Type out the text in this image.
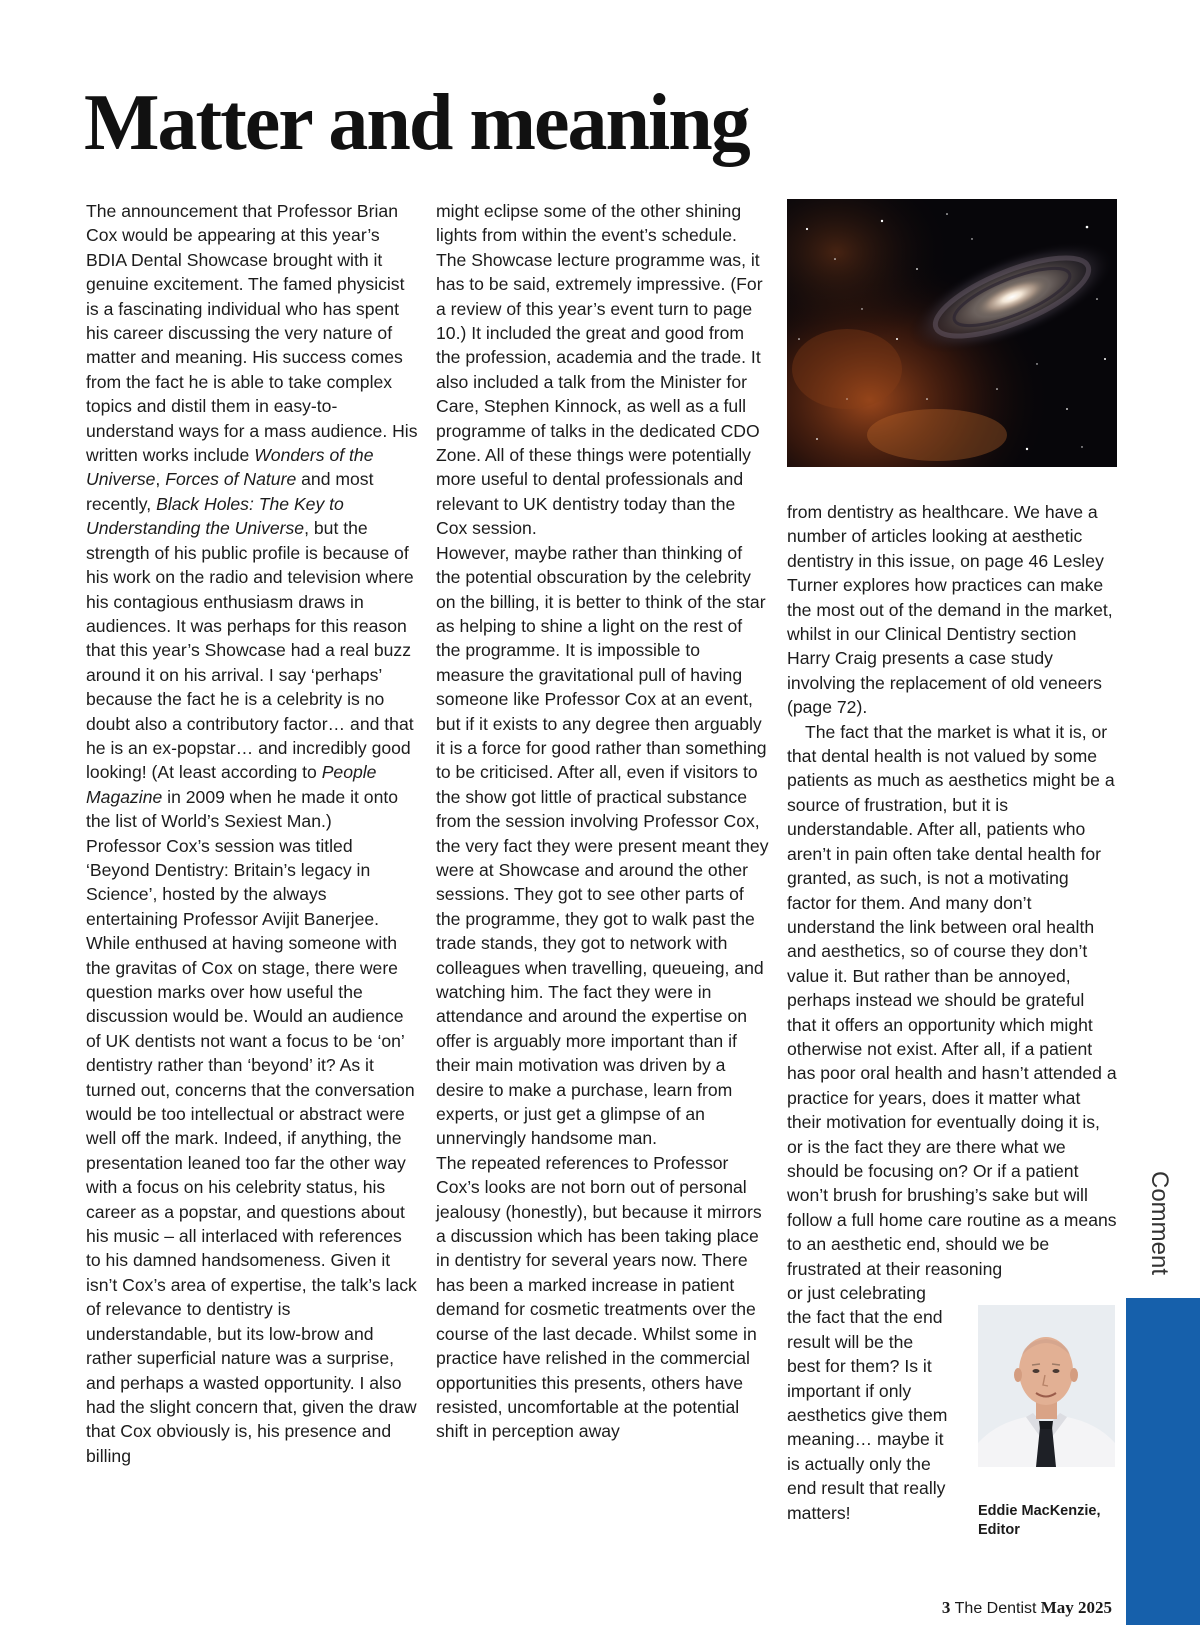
Matter and meaning

The announcement that Professor Brian Cox would be appearing at this year’s BDIA Dental Showcase brought with it genuine excitement. The famed physicist is a fascinating individual who has spent his career discussing the very nature of matter and meaning. His success comes from the fact he is able to take complex topics and distil them in easy-to-understand ways for a mass audience. His written works include Wonders of the Universe, Forces of Nature and most recently, Black Holes: The Key to Understanding the Universe, but the strength of his public profile is because of his work on the radio and television where his contagious enthusiasm draws in audiences. It was perhaps for this reason that this year’s Showcase had a real buzz around it on his arrival. I say ‘perhaps’ because the fact he is a celebrity is no doubt also a contributory factor… and that he is an ex-popstar… and incredibly good looking! (At least according to People Magazine in 2009 when he made it onto the list of World’s Sexiest Man.)

Professor Cox’s session was titled ‘Beyond Dentistry: Britain’s legacy in Science’, hosted by the always entertaining Professor Avijit Banerjee. While enthused at having someone with the gravitas of Cox on stage, there were question marks over how useful the discussion would be. Would an audience of UK dentists not want a focus to be ‘on’ dentistry rather than ‘beyond’ it? As it turned out, concerns that the conversation would be too intellectual or abstract were well off the mark. Indeed, if anything, the presentation leaned too far the other way with a focus on his celebrity status, his career as a popstar, and questions about his music – all interlaced with references to his damned handsomeness. Given it isn’t Cox’s area of expertise, the talk’s lack of relevance to dentistry is understandable, but its low-brow and rather superficial nature was a surprise, and perhaps a wasted opportunity. I also had the slight concern that, given the draw that Cox obviously is, his presence and billing

might eclipse some of the other shining lights from within the event’s schedule. The Showcase lecture programme was, it has to be said, extremely impressive. (For a review of this year’s event turn to page 10.) It included the great and good from the profession, academia and the trade. It also included a talk from the Minister for Care, Stephen Kinnock, as well as a full programme of talks in the dedicated CDO Zone. All of these things were potentially more useful to dental professionals and relevant to UK dentistry today than the Cox session.

However, maybe rather than thinking of the potential obscuration by the celebrity on the billing, it is better to think of the star as helping to shine a light on the rest of the programme. It is impossible to measure the gravitational pull of having someone like Professor Cox at an event, but if it exists to any degree then arguably it is a force for good rather than something to be criticised. After all, even if visitors to the show got little of practical substance from the session involving Professor Cox, the very fact they were present meant they were at Showcase and around the other sessions. They got to see other parts of the programme, they got to walk past the trade stands, they got to network with colleagues when travelling, queueing, and watching him. The fact they were in attendance and around the expertise on offer is arguably more important than if their main motivation was driven by a desire to make a purchase, learn from experts, or just get a glimpse of an unnervingly handsome man.

The repeated references to Professor Cox’s looks are not born out of personal jealousy (honestly), but because it mirrors a discussion which has been taking place in dentistry for several years now. There has been a marked increase in patient demand for cosmetic treatments over the course of the last decade. Whilst some in practice have relished in the commercial opportunities this presents, others have resisted, uncomfortable at the potential shift in perception away

from dentistry as healthcare. We have a number of articles looking at aesthetic dentistry in this issue, on page 46 Lesley Turner explores how practices can make the most out of the demand in the market, whilst in our Clinical Dentistry section Harry Craig presents a case study involving the replacement of old veneers (page 72).

The fact that the market is what it is, or that dental health is not valued by some patients as much as aesthetics might be a source of frustration, but it is understandable. After all, patients who aren’t in pain often take dental health for granted, as such, is not a motivating factor for them. And many don’t understand the link between oral health and aesthetics, so of course they don’t value it. But rather than be annoyed, perhaps instead we should be grateful that it offers an opportunity which might otherwise not exist. After all, if a patient has poor oral health and hasn’t attended a practice for years, does it matter what their motivation for eventually doing it is, or is the fact they are there what we should be focusing on? Or if a patient won’t brush for brushing’s sake but will follow a full home care routine as a means to an aesthetic end, should we be frustrated at their reasoning

or just celebrating
the fact that the end
result will be the
best for them? Is it
important if only
aesthetics give them
meaning… maybe it
is actually only the
end result that really
matters!	Eddie MacKenzie,
Editor
Comment
3 The Dentist May 2025
